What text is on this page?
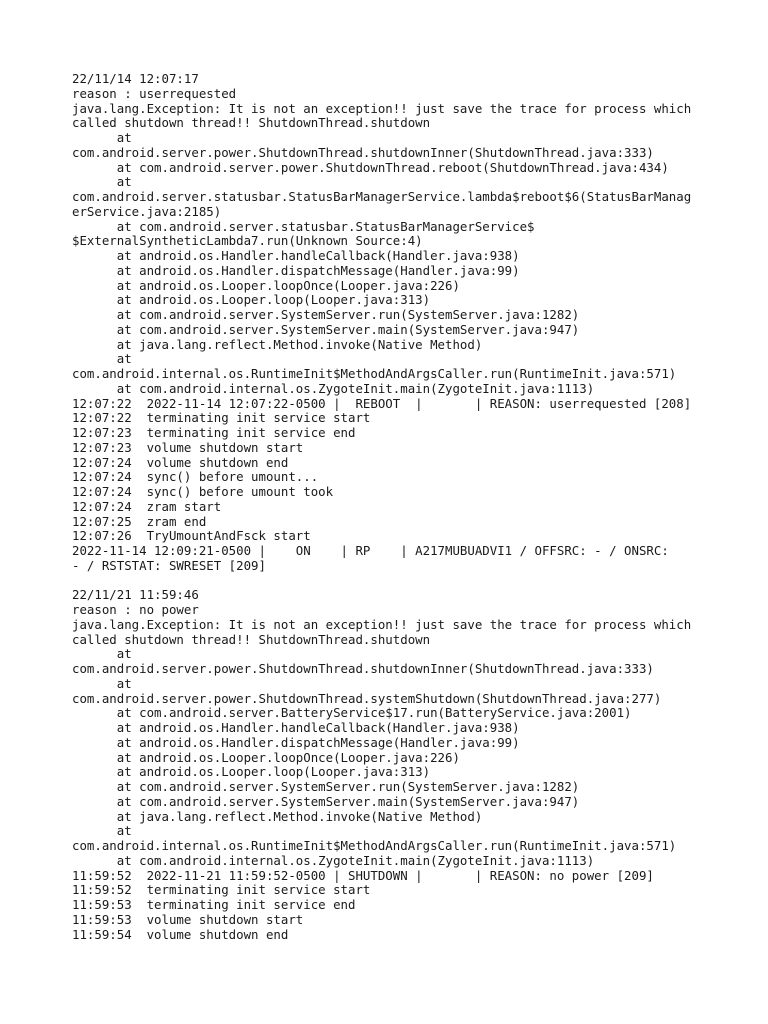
22/11/14 12:07:17
reason : userrequested
java.lang.Exception: It is not an exception!! just save the trace for process which
called shutdown thread!! ShutdownThread.shutdown
at
com.android.server.power.ShutdownThread.shutdownInner(ShutdownThread.java:333)
at com.android.server.power.ShutdownThread.reboot(ShutdownThread.java:434)
at
com.android.server.statusbar.StatusBarManagerService.lambda$reboot$6(StatusBarManag
erService.java:2185)
at com.android.server.statusbar.StatusBarManagerService$
$ExternalSyntheticLambda7.run(Unknown Source:4)
at android.os.Handler.handleCallback(Handler.java:938)
at android.os.Handler.dispatchMessage(Handler.java:99)
at android.os.Looper.loopOnce(Looper.java:226)
at android.os.Looper.loop(Looper.java:313)
at com.android.server.SystemServer.run(SystemServer.java:1282)
at com.android.server.SystemServer.main(SystemServer.java:947)
at java.lang.reflect.Method.invoke(Native Method)
at
com.android.internal.os.RuntimeInit$MethodAndArgsCaller.run(RuntimeInit.java:571)
at com.android.internal.os.ZygoteInit.main(ZygoteInit.java:1113)
12:07:22  2022-11-14 12:07:22-0500 |  REBOOT  |       | REASON: userrequested [208]
12:07:22  terminating init service start
12:07:23  terminating init service end
12:07:23  volume shutdown start
12:07:24  volume shutdown end
12:07:24  sync() before umount...
12:07:24  sync() before umount took
12:07:24  zram start
12:07:25  zram end
12:07:26  TryUmountAndFsck start
2022-11-14 12:09:21-0500 |    ON    | RP    | A217MUBUADVI1 / OFFSRC: - / ONSRC:
- / RSTSTAT: SWRESET [209]
22/11/21 11:59:46
reason : no power
java.lang.Exception: It is not an exception!! just save the trace for process which
called shutdown thread!! ShutdownThread.shutdown
at
com.android.server.power.ShutdownThread.shutdownInner(ShutdownThread.java:333)
at
com.android.server.power.ShutdownThread.systemShutdown(ShutdownThread.java:277)
at com.android.server.BatteryService$17.run(BatteryService.java:2001)
at android.os.Handler.handleCallback(Handler.java:938)
at android.os.Handler.dispatchMessage(Handler.java:99)
at android.os.Looper.loopOnce(Looper.java:226)
at android.os.Looper.loop(Looper.java:313)
at com.android.server.SystemServer.run(SystemServer.java:1282)
at com.android.server.SystemServer.main(SystemServer.java:947)
at java.lang.reflect.Method.invoke(Native Method)
at
com.android.internal.os.RuntimeInit$MethodAndArgsCaller.run(RuntimeInit.java:571)
at com.android.internal.os.ZygoteInit.main(ZygoteInit.java:1113)
11:59:52  2022-11-21 11:59:52-0500 | SHUTDOWN |       | REASON: no power [209]
11:59:52  terminating init service start
11:59:53  terminating init service end
11:59:53  volume shutdown start
11:59:54  volume shutdown end
